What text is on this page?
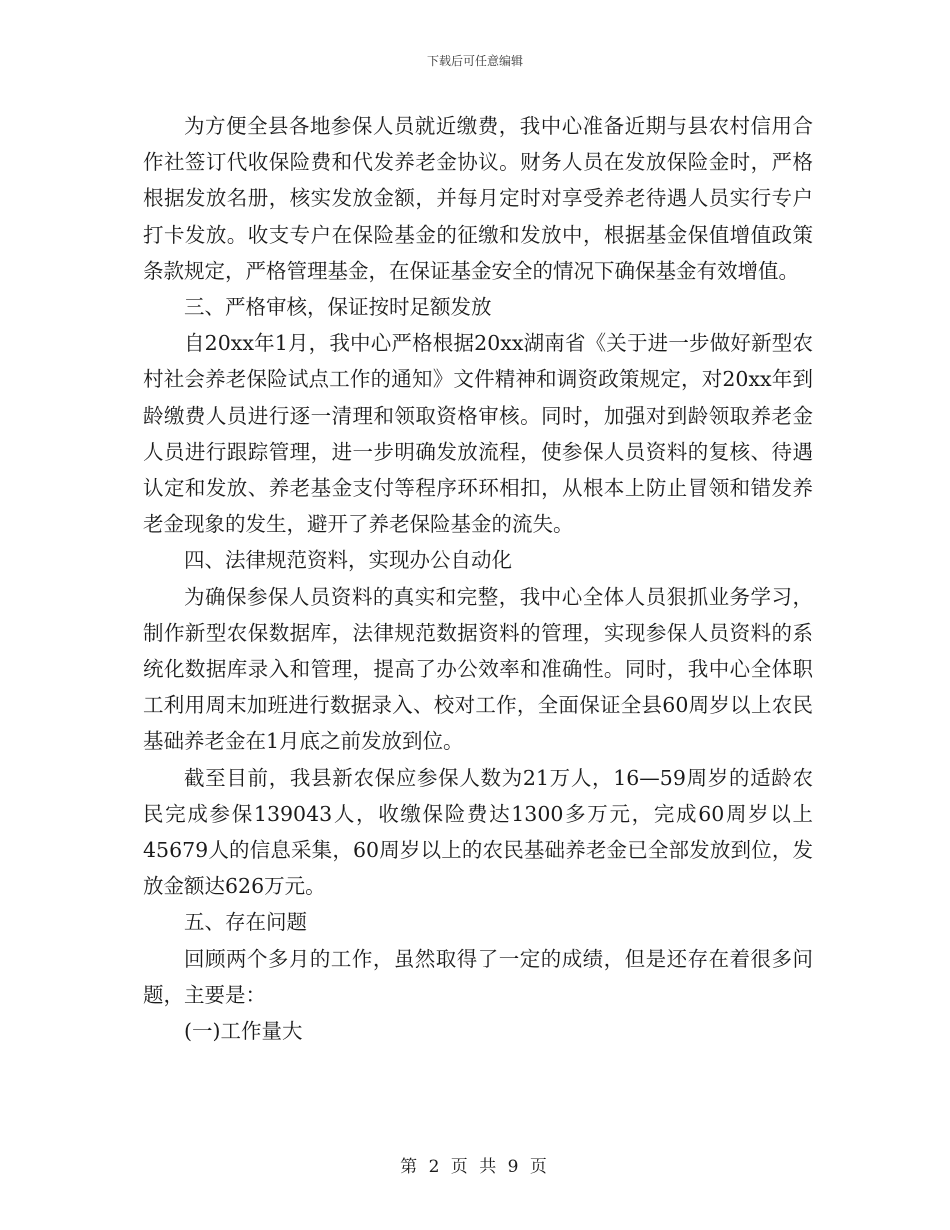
下载后可任意编辑

为方便全县各地参保人员就近缴费，我中心准备近期与县农村信用合作社签订代收保险费和代发养老金协议。财务人员在发放保险金时，严格根据发放名册，核实发放金额，并每月定时对享受养老待遇人员实行专户打卡发放。收支专户在保险基金的征缴和发放中，根据基金保值增值政策条款规定，严格管理基金，在保证基金安全的情况下确保基金有效增值。

三、严格审核，保证按时足额发放

自20xx年1月，我中心严格根据20xx湖南省《关于进一步做好新型农村社会养老保险试点工作的通知》文件精神和调资政策规定，对20xx年到龄缴费人员进行逐一清理和领取资格审核。同时，加强对到龄领取养老金人员进行跟踪管理，进一步明确发放流程，使参保人员资料的复核、待遇认定和发放、养老基金支付等程序环环相扣，从根本上防止冒领和错发养老金现象的发生，避开了养老保险基金的流失。

四、法律规范资料，实现办公自动化

为确保参保人员资料的真实和完整，我中心全体人员狠抓业务学习，制作新型农保数据库，法律规范数据资料的管理，实现参保人员资料的系统化数据库录入和管理，提高了办公效率和准确性。同时，我中心全体职工利用周末加班进行数据录入、校对工作，全面保证全县60周岁以上农民基础养老金在1月底之前发放到位。

截至目前，我县新农保应参保人数为21万人，16—59周岁的适龄农民完成参保139043人，收缴保险费达1300多万元，完成60周岁以上45679人的信息采集，60周岁以上的农民基础养老金已全部发放到位，发放金额达626万元。

五、存在问题

回顾两个多月的工作，虽然取得了一定的成绩，但是还存在着很多问题，主要是：

(一)工作量大

第 2 页 共 9 页
